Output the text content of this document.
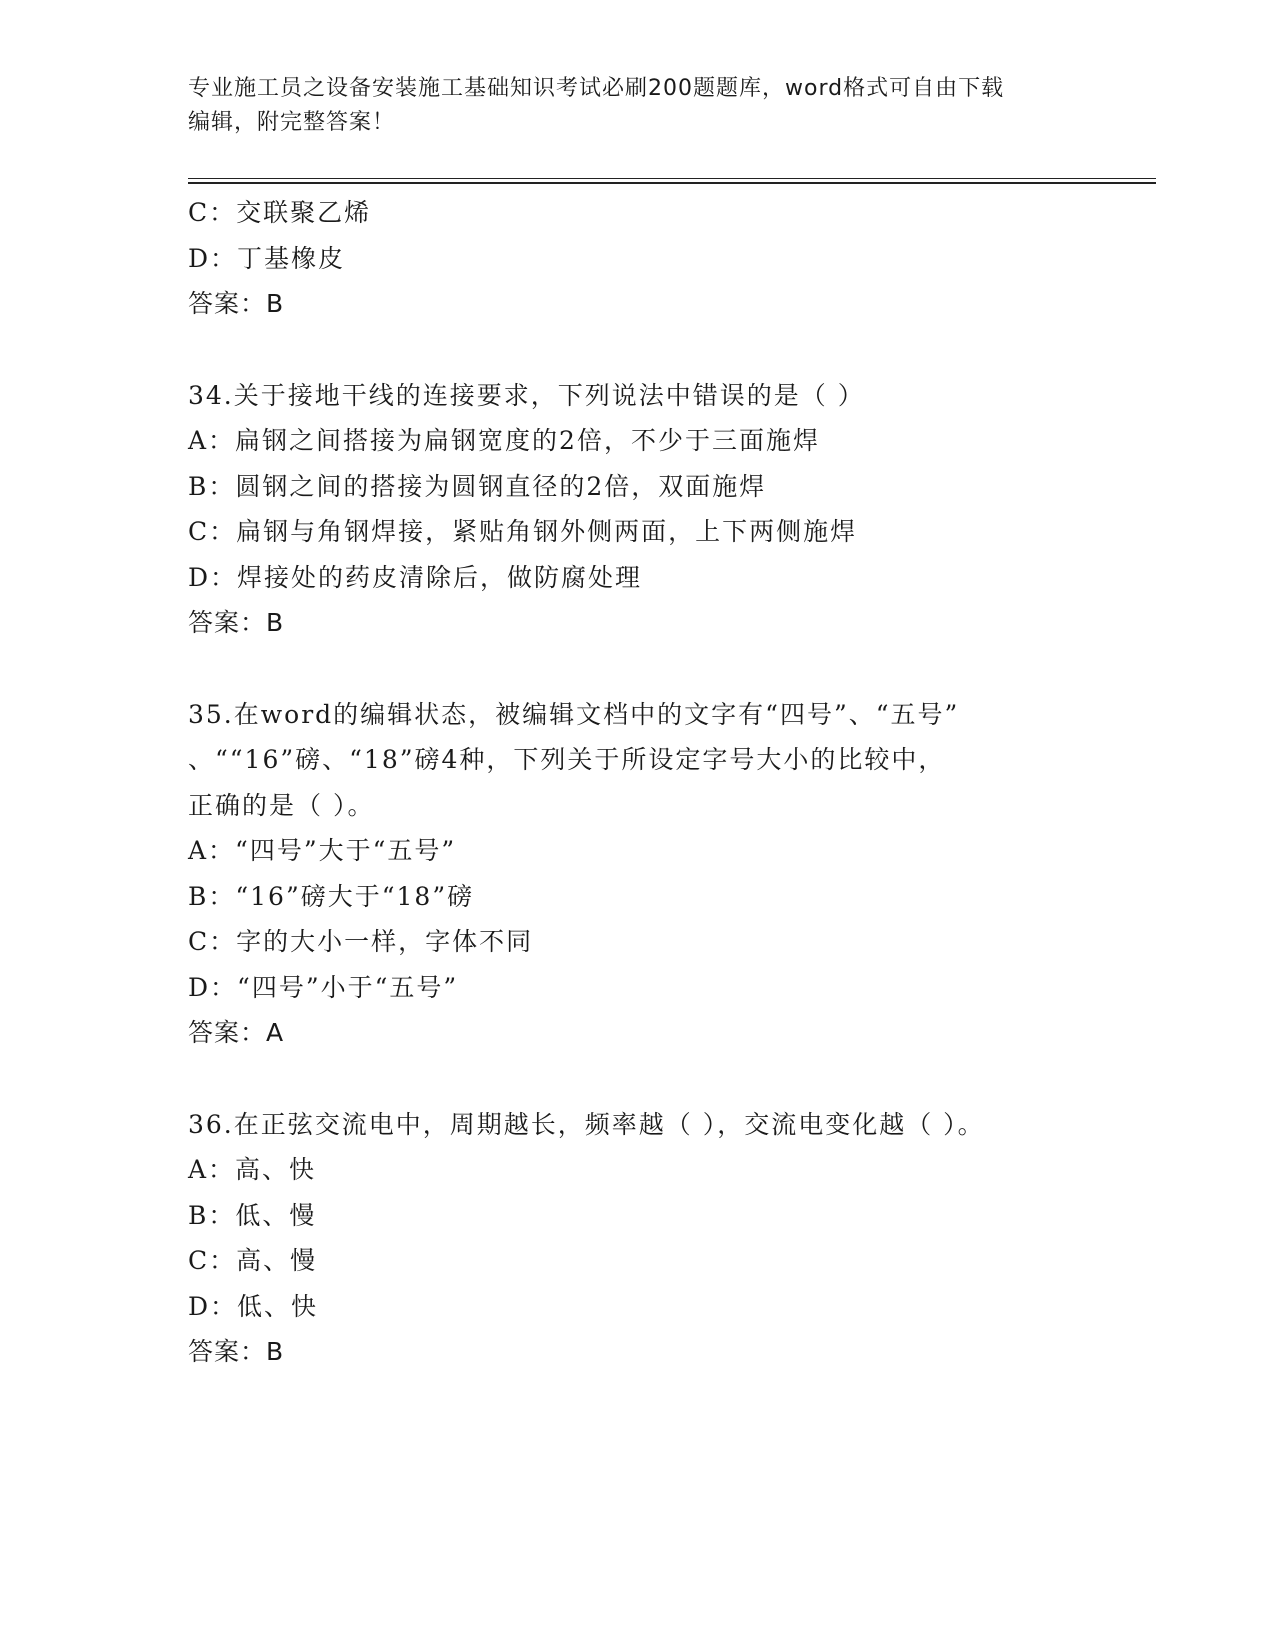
专业施工员之设备安装施工基础知识考试必刷200题题库，word格式可自由下载
编辑，附完整答案！
C：交联聚乙烯
D：丁基橡皮
答案：B
34.关于接地干线的连接要求，下列说法中错误的是（ ）
A：扁钢之间搭接为扁钢宽度的2倍，不少于三面施焊
B：圆钢之间的搭接为圆钢直径的2倍，双面施焊
C：扁钢与角钢焊接，紧贴角钢外侧两面，上下两侧施焊
D：焊接处的药皮清除后，做防腐处理
答案：B
35.在word的编辑状态，被编辑文档中的文字有“四号”、“五号”
、““16”磅、“18”磅4种，下列关于所设定字号大小的比较中，
正确的是（ ）。
A：“四号”大于“五号”
B：“16”磅大于“18”磅
C：字的大小一样，字体不同
D：“四号”小于“五号”
答案：A
36.在正弦交流电中，周期越长，频率越（ ），交流电变化越（ ）。
A：高、快
B：低、慢
C：高、慢
D：低、快
答案：B
